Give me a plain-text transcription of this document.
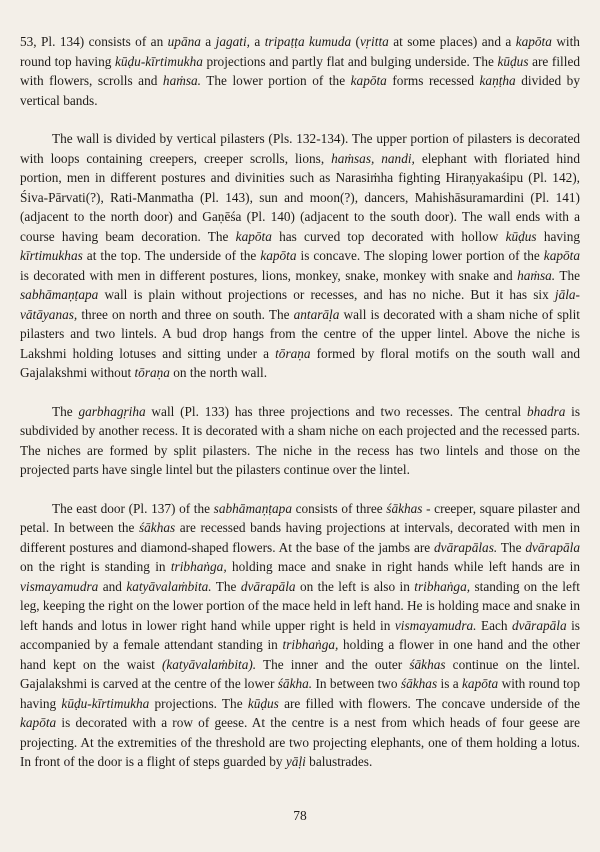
53, Pl. 134) consists of an upāna a jagati, a tripaṭṭa kumuda (vṛitta at some places) and a kapōta with round top having kūḍu-kīrtimukha projections and partly flat and bulging underside. The kūḍus are filled with flowers, scrolls and haṁsa. The lower portion of the kapōta forms recessed kaṇṭha divided by vertical bands.

The wall is divided by vertical pilasters (Pls. 132-134). The upper portion of pilasters is decorated with loops containing creepers, creeper scrolls, lions, haṁsas, nandi, elephant with floriated hind portion, men in different postures and divinities such as Narasiṁha fighting Hiraṇyakaśipu (Pl. 142), Śiva-Pārvati(?), Rati-Manmatha (Pl. 143), sun and moon(?), dancers, Mahishāsuramardini (Pl. 141) (adjacent to the north door) and Gaṇēśa (Pl. 140) (adjacent to the south door). The wall ends with a course having beam decoration. The kapōta has curved top decorated with hollow kūḍus having kīrtimukhas at the top. The underside of the kapōta is concave. The sloping lower portion of the kapōta is decorated with men in different postures, lions, monkey, snake, monkey with snake and haṁsa. The sabhāmaṇṭapa wall is plain without projections or recesses, and has no niche. But it has six jāla-vātāyanas, three on north and three on south. The antarāḷa wall is decorated with a sham niche of split pilasters and two lintels. A bud drop hangs from the centre of the upper lintel. Above the niche is Lakshmi holding lotuses and sitting under a tōraṇa formed by floral motifs on the south wall and Gajalakshmi without tōraṇa on the north wall.

The garbhagṛiha wall (Pl. 133) has three projections and two recesses. The central bhadra is subdivided by another recess. It is decorated with a sham niche on each projected and the recessed parts. The niches are formed by split pilasters. The niche in the recess has two lintels and those on the projected parts have single lintel but the pilasters continue over the lintel.

The east door (Pl. 137) of the sabhāmaṇṭapa consists of three śākhas - creeper, square pilaster and petal. In between the śākhas are recessed bands having projections at intervals, decorated with men in different postures and diamond-shaped flowers. At the base of the jambs are dvārapālas. The dvārapāla on the right is standing in tribhaṅga, holding mace and snake in right hands while left hands are in vismayamudra and katyāvalaṁbita. The dvārapāla on the left is also in tribhaṅga, standing on the left leg, keeping the right on the lower portion of the mace held in left hand. He is holding mace and snake in left hands and lotus in lower right hand while upper right is held in vismayamudra. Each dvārapāla is accompanied by a female attendant standing in tribhaṅga, holding a flower in one hand and the other hand kept on the waist (katyāvalaṁbita). The inner and the outer śākhas continue on the lintel. Gajalakshmi is carved at the centre of the lower śākha. In between two śākhas is a kapōta with round top having kūḍu-kīrtimukha projections. The kūḍus are filled with flowers. The concave underside of the kapōta is decorated with a row of geese. At the centre is a nest from which heads of four geese are projecting. At the extremities of the threshold are two projecting elephants, one of them holding a lotus. In front of the door is a flight of steps guarded by yāḷi balustrades.

78
